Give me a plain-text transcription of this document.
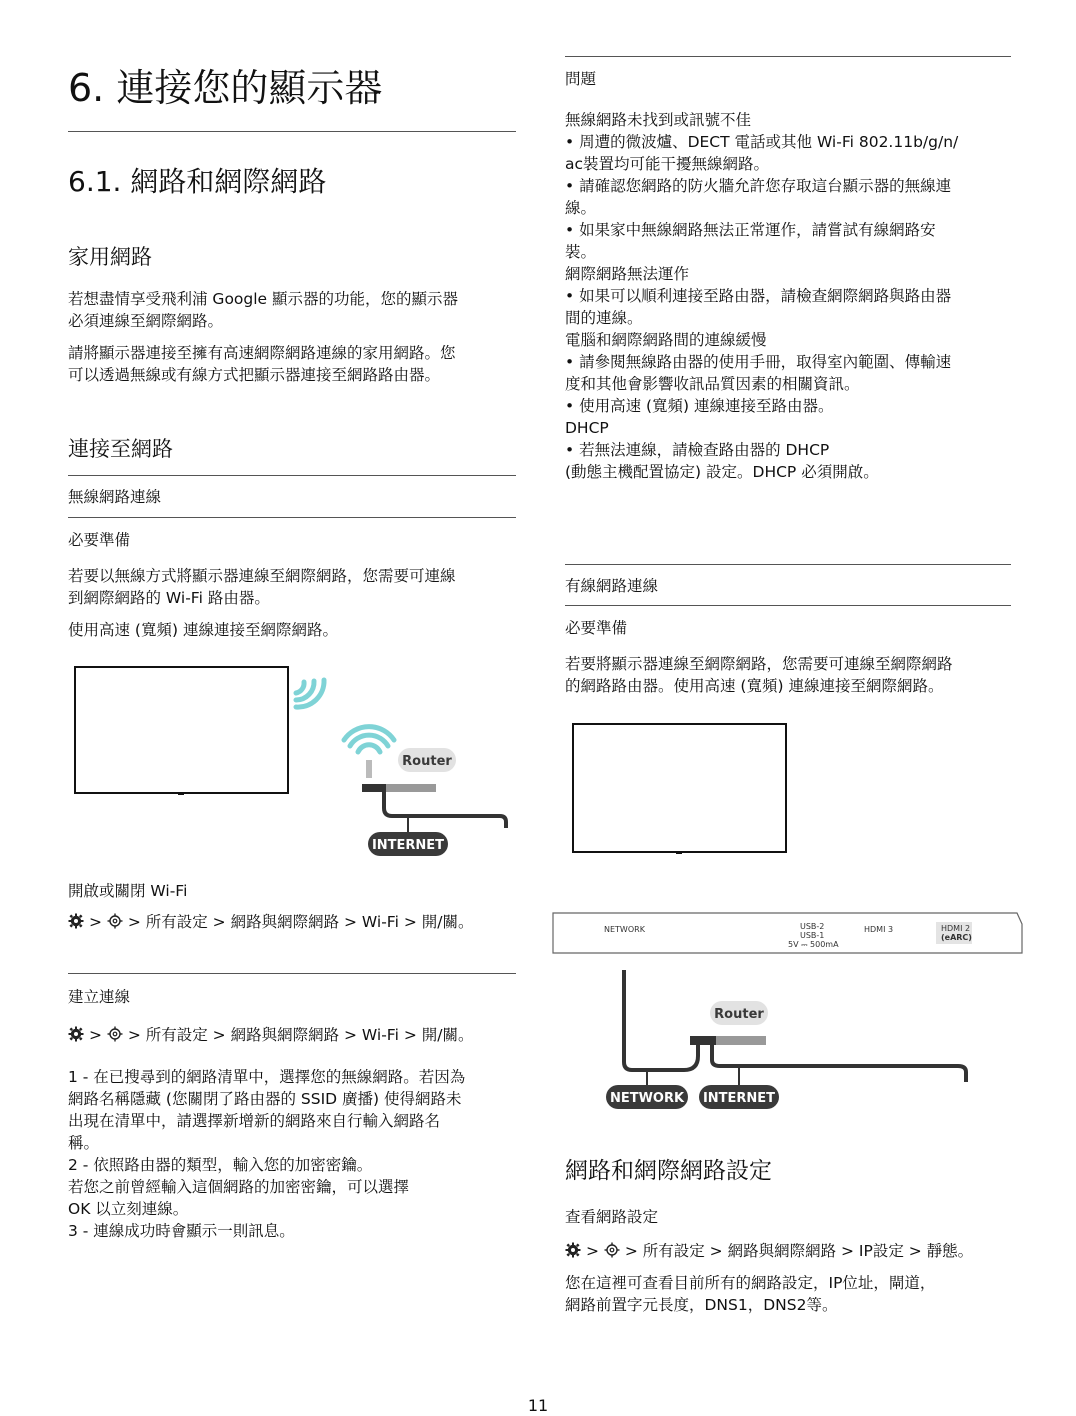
6. 連接您的顯示器
6.1. 網路和網際網路
家用網路

若想盡情享受飛利浦 Google 顯示器的功能，您的顯示器

必須連線至網際網路。

請將顯示器連接至擁有高速網際網路連線的家用網路。您

可以透過無線或有線方式把顯示器連接至網路路由器。

連接至網路

無線網路連線

必要準備

若要以無線方式將顯示器連線至網際網路，您需要可連線

到網際網路的 Wi-Fi 路由器。

使用高速 (寬頻) 連線連接至網際網路。

Router
INTERNET

開啟或關閉 Wi-Fi

> > 所有設定 > 網路與網際網路 > Wi-Fi > 開/關。

建立連線

>  > 所有設定 > 網路與網際網路 > Wi-Fi > 開/關。

1 - 在已搜尋到的網路清單中，選擇您的無線網路。若因為

網路名稱隱藏 (您關閉了路由器的 SSID 廣播) 使得網路未

出現在清單中，請選擇新增新的網路來自行輸入網路名

稱。

2 - 依照路由器的類型，輸入您的加密密鑰。

若您之前曾經輸入這個網路的加密密鑰，可以選擇

OK 以立刻連線。

3 - 連線成功時會顯示一則訊息。

問題

無線網路未找到或訊號不佳

• 周遭的微波爐、DECT 電話或其他 Wi-Fi 802.11b/g/n/

ac裝置均可能干擾無線網路。

• 請確認您網路的防火牆允許您存取這台顯示器的無線連

線。

• 如果家中無線網路無法正常運作，請嘗試有線網路安

裝。

網際網路無法運作

• 如果可以順利連接至路由器，請檢查網際網路與路由器

間的連線。

電腦和網際網路間的連線緩慢

• 請參閱無線路由器的使用手冊，取得室內範圍、傳輸速

度和其他會影響收訊品質因素的相關資訊。

• 使用高速 (寬頻) 連線連接至路由器。

DHCP

• 若無法連線，請檢查路由器的 DHCP

(動態主機配置協定) 設定。DHCP 必須開啟。

有線網路連線

必要準備

若要將顯示器連線至網際網路，您需要可連線至網際網路

的網路路由器。使用高速 (寬頻) 連線連接至網際網路。

NETWORK	USB-2
USB-1
5V ⎓ 500mA
HDMI 3	HDMI 2
(eARC)
Router
NETWORK INTERNET
網路和網際網路設定

查看網路設定

>  > 所有設定 > 網路與網際網路 > IP設定 > 靜態。

您在這裡可查看目前所有的網路設定，IP位址，閘道，

網路前置字元長度，DNS1，DNS2等。

11
